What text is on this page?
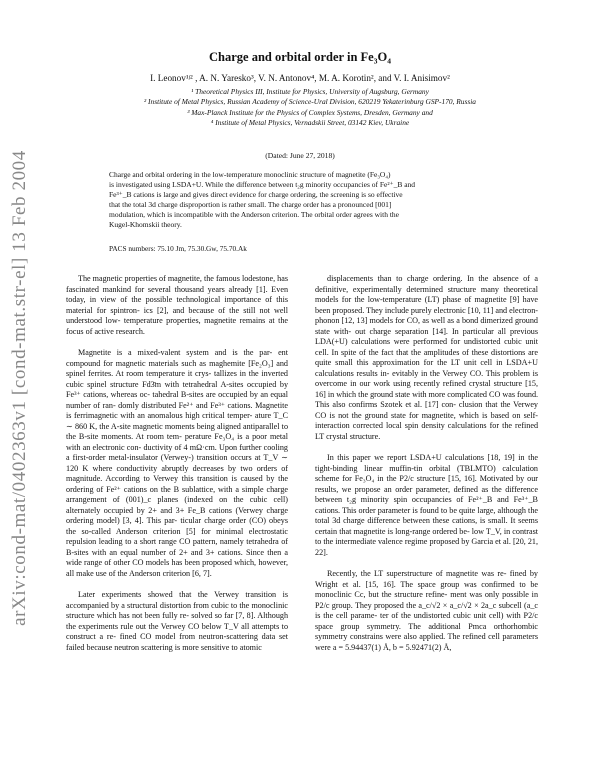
arXiv:cond-mat/0402363v1 [cond-mat.str-el] 13 Feb 2004
Charge and orbital order in Fe₃O₄
I. Leonov¹ʲ² , A. N. Yaresko³, V. N. Antonov⁴, M. A. Korotin², and V. I. Anisimov²
¹ Theoretical Physics III, Institute for Physics, University of Augsburg, Germany
² Institute of Metal Physics, Russian Academy of Science-Ural Division, 620219 Yekaterinburg GSP-170, Russia
³ Max-Planck Institute for the Physics of Complex Systems, Dresden, Germany and
⁴ Institute of Metal Physics, Vernadskii Street, 03142 Kiev, Ukraine
(Dated: June 27, 2018)
Charge and orbital ordering in the low-temperature monoclinic structure of magnetite (Fe₃O₄)
is investigated using LSDA+U. While the difference between t₂g minority occupancies of Fe²⁺_B and
Fe³⁺_B cations is large and gives direct evidence for charge ordering, the screening is so effective
that the total 3d charge disproportion is rather small. The charge order has a pronounced [001]
modulation, which is incompatible with the Anderson criterion. The orbital order agrees with the
Kugel-Khomskii theory.
PACS numbers: 75.10 Jm, 75.30.Gw, 75.70.Ak

The magnetic properties of magnetite, the famous lodestone, has fascinated mankind for several thousand years already [1]. Even today, in view of the possible technological importance of this material for spintron- ics [2], and because of the still not well understood low- temperature properties, magnetite remains at the focus of active research.

Magnetite is a mixed-valent system and is the par- ent compound for magnetic materials such as maghemite [Fe₂O₃] and spinel ferrites. At room temperature it crys- tallizes in the inverted cubic spinel structure Fd3̄m with tetrahedral A-sites occupied by Fe³⁺ cations, whereas oc- tahedral B-sites are occupied by an equal number of ran- domly distributed Fe²⁺ and Fe³⁺ cations. Magnetite is ferrimagnetic with an anomalous high critical temper- ature T_C ∼ 860 K, the A-site magnetic moments being aligned antiparallel to the B-site moments. At room tem- perature Fe₃O₄ is a poor metal with an electronic con- ductivity of 4 mΩ·cm. Upon further cooling a first-order metal-insulator (Verwey-) transition occurs at T_V ∼ 120 K where conductivity abruptly decreases by two orders of magnitude. According to Verwey this transition is caused by the ordering of Fe²⁺ cations on the B sublattice, with a simple charge arrangement of (001)_c planes (indexed on the cubic cell) alternately occupied by 2+ and 3+ Fe_B cations (Verwey charge ordering model) [3, 4]. This par- ticular charge order (CO) obeys the so-called Anderson criterion [5] for minimal electrostatic repulsion leading to a short range CO pattern, namely tetrahedra of B-sites with an equal number of 2+ and 3+ cations. Since then a wide range of other CO models has been proposed which, however, all make use of the Anderson criterion [6, 7].

Later experiments showed that the Verwey transition is accompanied by a structural distortion from cubic to the monoclinic structure which has not been fully re- solved so far [7, 8]. Although the experiments rule out the Verwey CO below T_V all attempts to construct a re- fined CO model from neutron-scattering data set failed because neutron scattering is more sensitive to atomic

displacements than to charge ordering. In the absence of a definitive, experimentally determined structure many theoretical models for the low-temperature (LT) phase of magnetite [9] have been proposed. They include purely electronic [10, 11] and electron-phonon [12, 13] models for CO, as well as a bond dimerized ground state with- out charge separation [14]. In particular all previous LDA(+U) calculations were performed for undistorted cubic unit cell. In spite of the fact that the amplitudes of these distortions are quite small this approximation for the LT unit cell in LSDA+U calculations results in- evitably in the Verwey CO. This problem is overcome in our work using recently refined crystal structure [15, 16] in which the ground state with more complicated CO was found. This also confirms Szotek et al. [17] con- clusion that the Verwey CO is not the ground state for magnetite, which is based on self-interaction corrected local spin density calculations for the refined LT crystal structure.

In this paper we report LSDA+U calculations [18, 19] in the tight-binding linear muffin-tin orbital (TBLMTO) calculation scheme for Fe₃O₄ in the P2/c structure [15, 16]. Motivated by our results, we propose an order parameter, defined as the difference between t₂g minority spin occupancies of Fe²⁺_B and Fe³⁺_B cations. This order parameter is found to be quite large, although the total 3d charge difference between these cations, is small. It seems certain that magnetite is long-range ordered be- low T_V, in contrast to the intermediate valence regime proposed by Garcia et al. [20, 21, 22].

Recently, the LT superstructure of magnetite was re- fined by Wright et al. [15, 16]. The space group was confirmed to be monoclinic Cc, but the structure refine- ment was only possible in P2/c group. They proposed the a_c/√2 × a_c/√2 × 2a_c subcell (a_c is the cell parame- ter of the undistorted cubic unit cell) with P2/c space group symmetry. The additional Pmca orthorhombic symmetry constrains were also applied. The refined cell parameters were a = 5.94437(1) Å, b = 5.92471(2) Å,
